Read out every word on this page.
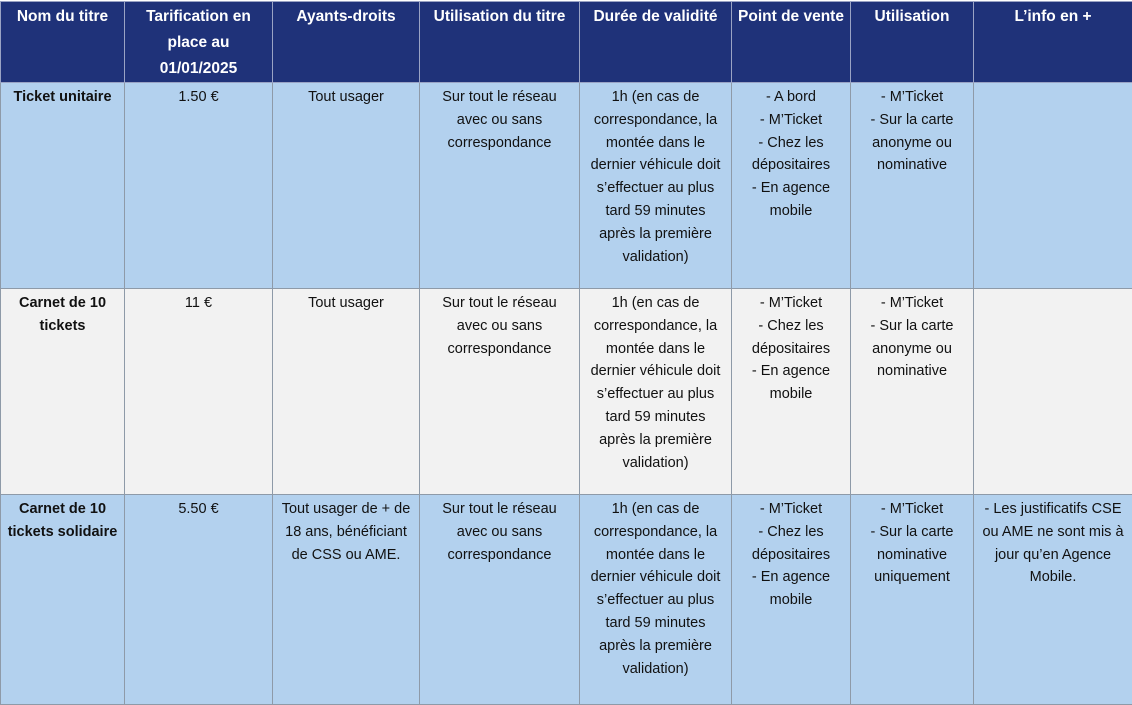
Nom du titre	Tarification en place au 01/01/2025	Ayants-droits	Utilisation du titre	Durée de validité	Point de vente	Utilisation	L’info en +
Ticket unitaire	1.50 €	Tout usager	Sur tout le réseau avec ou sans correspondance	1h (en cas de correspondance, la montée dans le dernier véhicule doit s’effectuer au plus tard 59 minutes après la première validation)	- A bord
- M’Ticket
- Chez les dépositaires
- En agence mobile	- M’Ticket
- Sur la carte anonyme ou nominative	
Carnet de 10 tickets	11 €	Tout usager	Sur tout le réseau avec ou sans correspondance	1h (en cas de correspondance, la montée dans le dernier véhicule doit s’effectuer au plus tard 59 minutes après la première validation)	- M’Ticket
- Chez les dépositaires
- En agence mobile	- M’Ticket
- Sur la carte anonyme ou nominative	
Carnet de 10 tickets solidaire	5.50 €	Tout usager de + de 18 ans, bénéficiant de CSS ou AME.	Sur tout le réseau avec ou sans correspondance	1h (en cas de correspondance, la montée dans le dernier véhicule doit s’effectuer au plus tard 59 minutes après la première validation)	- M’Ticket
- Chez les dépositaires
- En agence mobile	- M’Ticket
- Sur la carte nominative uniquement	- Les justificatifs CSE ou AME ne sont mis à jour qu’en Agence Mobile.
